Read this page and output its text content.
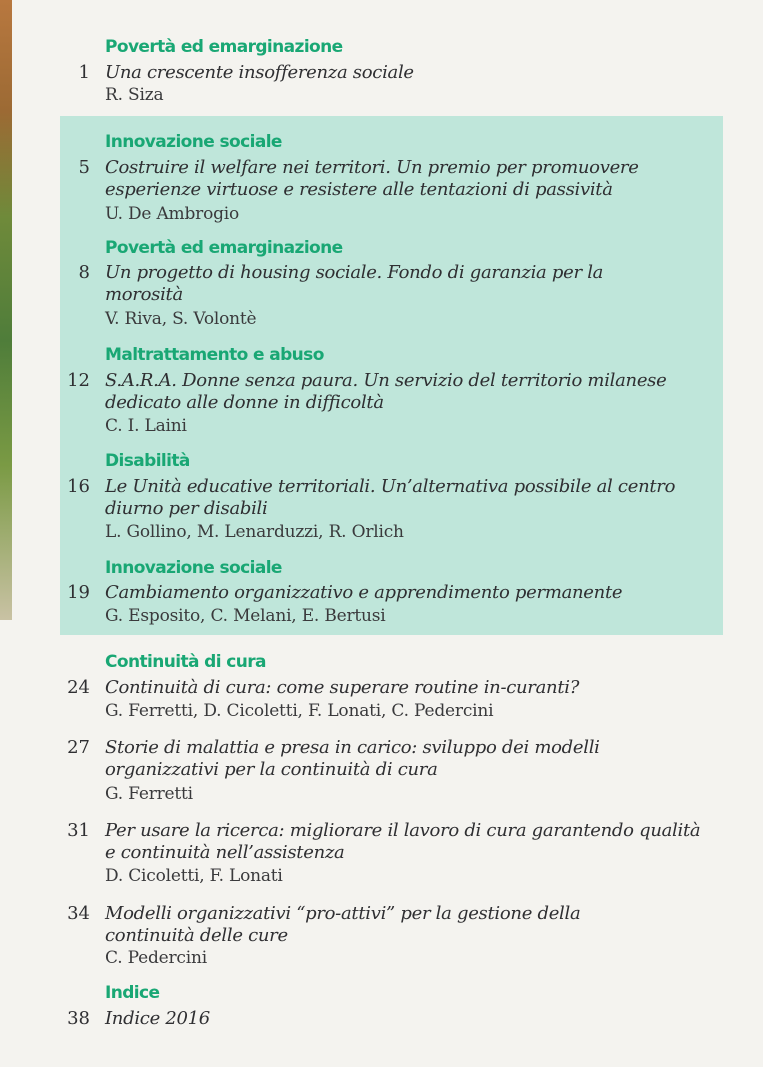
Povertà ed emarginazione
1 Una crescente insofferenza sociale
R. Siza
Innovazione sociale
5 Costruire il welfare nei territori. Un premio per promuovere esperienze virtuose e resistere alle tentazioni di passività
U. De Ambrogio
Povertà ed emarginazione
8 Un progetto di housing sociale. Fondo di garanzia per la morosità
V. Riva, S. Volontè
Maltrattamento e abuso
12 S.A.R.A. Donne senza paura. Un servizio del territorio milanese dedicato alle donne in difficoltà
C. I. Laini
Disabilità
16 Le Unità educative territoriali. Un’alternativa possibile al centro diurno per disabili
L. Gollino, M. Lenarduzzi, R. Orlich
Innovazione sociale
19 Cambiamento organizzativo e apprendimento permanente
G. Esposito, C. Melani, E. Bertusi
Continuità di cura
24 Continuità di cura: come superare routine in-curanti?
G. Ferretti, D. Cicoletti, F. Lonati, C. Pedercini
27 Storie di malattia e presa in carico: sviluppo dei modelli organizzativi per la continuità di cura
G. Ferretti
31 Per usare la ricerca: migliorare il lavoro di cura garantendo qualità e continuità nell’assistenza
D. Cicoletti, F. Lonati
34 Modelli organizzativi “pro-attivi” per la gestione della continuità delle cure
C. Pedercini
Indice
38 Indice 2016
